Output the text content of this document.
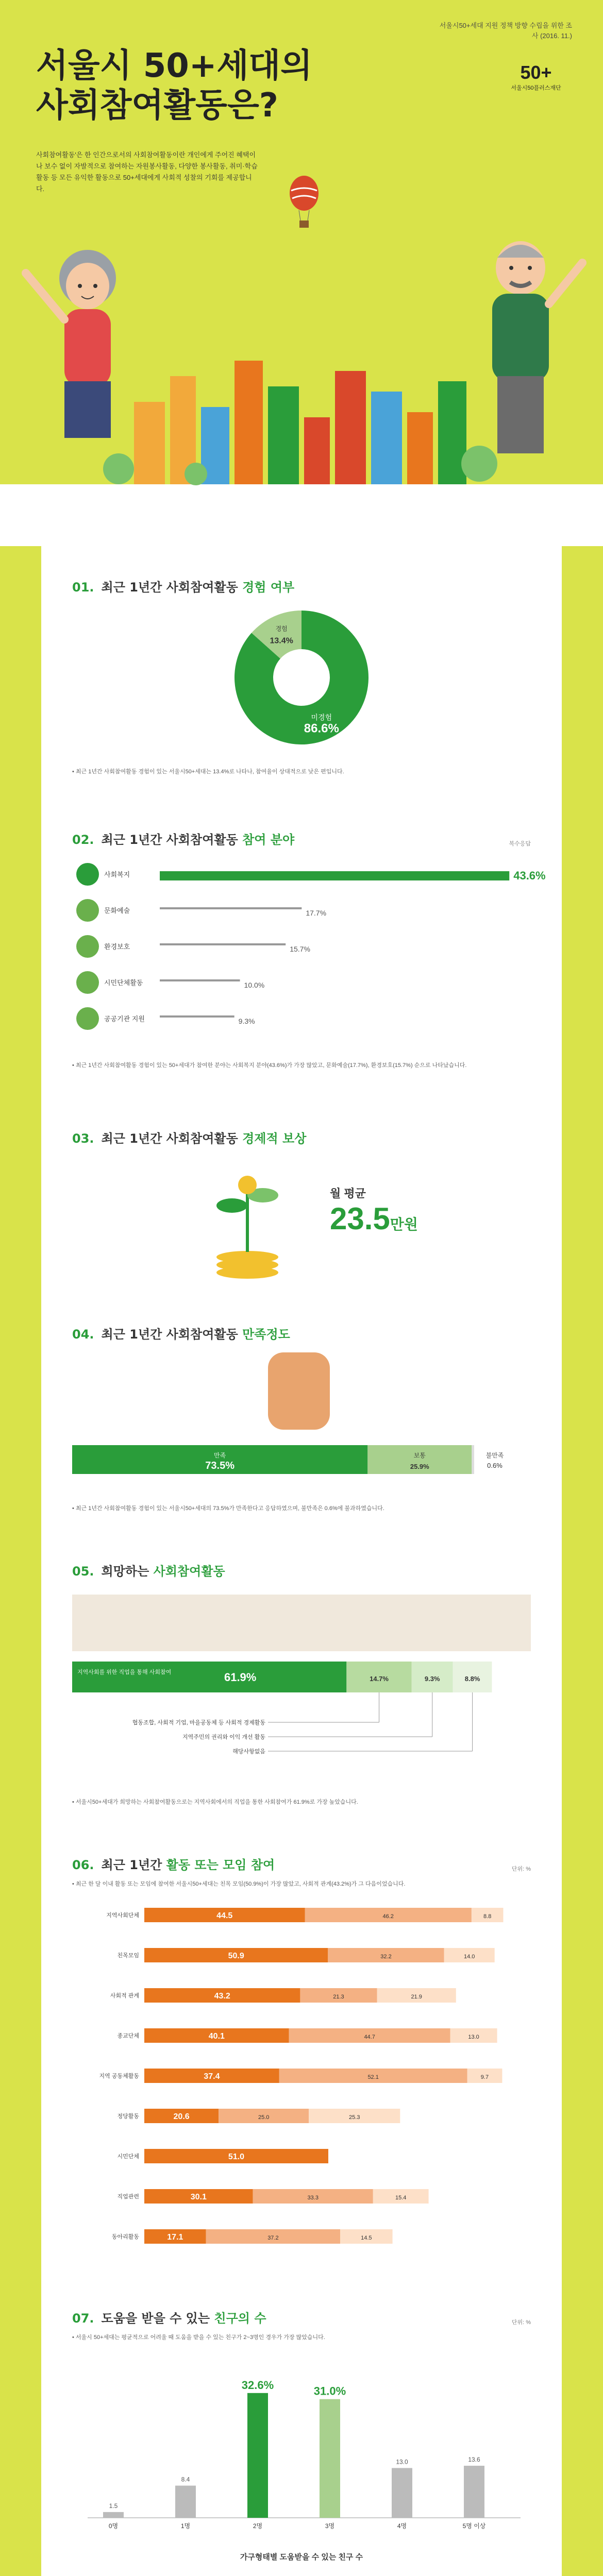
서울시50+세대 지원 정책 방향 수립을 위한 조사 (2016. 11.)
서울시 50+세대의
사회참여활동은?
50+
서울시50플러스재단
사회참여활동'은 한 인간으로서의 사회참여활동이란 개인에게 주어진 혜택이나 보수 없이 자발적으로 참여하는 자원봉사활동, 다양한 봉사활동, 취미·학습활동 등 모든 유익한 활동으로 50+세대에게 사회적 성찰의 기회를 제공합니다.
01. 최근 1년간 사회참여활동 경험 여부
미경험
86.6%
경험
13.4%
• 최근 1년간 사회참여활동 경험이 있는 서울시50+세대는 13.4%로 나타나, 참여율이 상대적으로 낮은 편입니다.
02. 최근 1년간 사회참여활동 참여 분야	복수응답
사회복지	43.6%
문화예술	17.7%
환경보호	15.7%
시민단체활동	10.0%
공공기관 지원	9.3%
• 최근 1년간 사회참여활동 경험이 있는 50+세대가 참여한 분야는 사회복지 분야(43.6%)가 가장 많았고, 문화예술(17.7%), 환경보호(15.7%) 순으로 나타났습니다.
03. 최근 1년간 사회참여활동 경제적 보상
월 평균
23.5만원
04. 최근 1년간 사회참여활동 만족정도
만족
73.5%
보통
25.9%
불만족
0.6%
• 최근 1년간 사회참여활동 경험이 있는 서울시50+세대의 73.5%가 만족한다고 응답하였으며, 불만족은 0.6%에 불과하였습니다.
05. 희망하는 사회참여활동
61.9%	14.7%
협동조합, 사회적 기업, 마을공동체 등 사회적 경제활동
9.3%
지역주민의 권리와 이익 개선 활동
8.8%
해당사항없음
지역사회를 위한 직업을 통해 사회참여
• 서울시50+세대가 희망하는 사회참여활동으로는 지역사회에서의 직업을 통한 사회참여가 61.9%로 가장 높았습니다.
06. 최근 1년간 활동 또는 모임 참여	단위: %
• 최근 한 달 이내 활동 또는 모임에 참여한 서울시50+세대는 친목 모임(50.9%)이 가장 많았고, 사회적 관계(43.2%)가 그 다음이었습니다.
지역사회단체	44.5	46.2	8.8
친목모임	50.9	32.2	14.0
사회적 관계	43.2	21.3	21.9
종교단체	40.1	44.7	13.0
지역 공동체활동	37.4	52.1	9.7
정당활동	20.6	25.0	25.3
시민단체	51.0
직업관련	30.1	33.3	15.4
동아리활동	17.1	37.2	14.5
07. 도움을 받을 수 있는 친구의 수	단위: %
• 서울시 50+세대는 평균적으로 어려울 때 도움을 받을 수 있는 친구가 2~3명인 경우가 가장 많았습니다.
1.5
0명
8.4
1명
32.6%
2명
31.0%
3명
13.0
4명
13.6
5명 이상
가구형태별 도움받을 수 있는 친구 수
